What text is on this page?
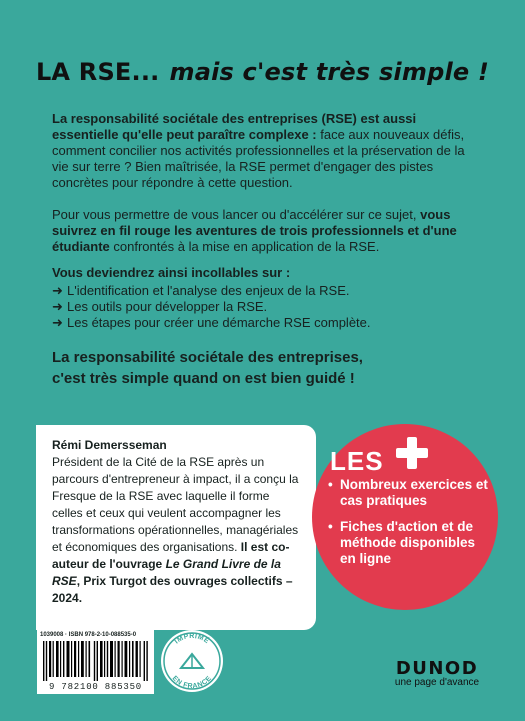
LA RSE... mais c'est très simple !

La responsabilité sociétale des entreprises (RSE) est aussi essentielle qu'elle peut paraître complexe : face aux nouveaux défis, comment concilier nos activités professionnelles et la préservation de la vie sur terre ? Bien maîtrisée, la RSE permet d'engager des pistes concrètes pour répondre à cette question.

Pour vous permettre de vous lancer ou d'accélérer sur ce sujet, vous suivrez en fil rouge les aventures de trois professionnels et d'une étudiante confrontés à la mise en application de la RSE.

Vous deviendrez ainsi incollables sur :
➜ L'identification et l'analyse des enjeux de la RSE.
➜ Les outils pour développer la RSE.
➜ Les étapes pour créer une démarche RSE complète.

La responsabilité sociétale des entreprises,
c'est très simple quand on est bien guidé !

Rémi Demersseman
Président de la Cité de la RSE après un parcours d'entrepreneur à impact, il a conçu la Fresque de la RSE avec laquelle il forme celles et ceux qui veulent accompagner les transformations opérationnelles, managériales et économiques des organisations. Il est co-auteur de l'ouvrage Le Grand Livre de la RSE, Prix Turgot des ouvrages collectifs – 2024.

LES
• Nombreux exercices et cas pratiques
• Fiches d'action et de méthode disponibles en ligne
1039008 · ISBN 978-2-10-088535-0
9 782100 885350
IMPRIMÉ
EN FRANCE
DUNOD
une page d'avance
